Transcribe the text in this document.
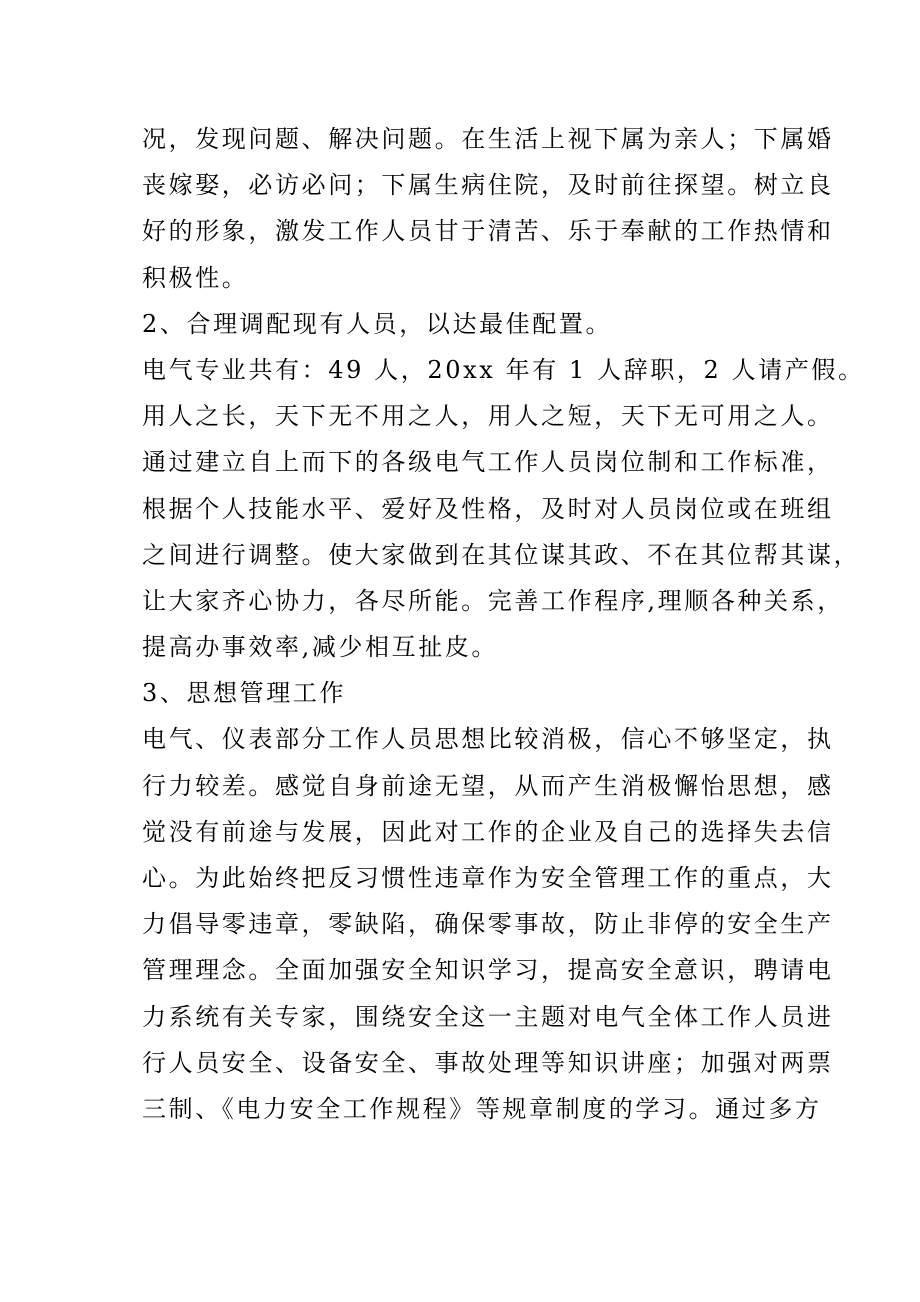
况，发现问题、解决问题。在生活上视下属为亲人；下属婚

丧嫁娶，必访必问；下属生病住院，及时前往探望。树立良

好的形象，激发工作人员甘于清苦、乐于奉献的工作热情和

积极性。

2、合理调配现有人员，以达最佳配置。

电气专业共有：49 人，20xx 年有 1 人辞职，2 人请产假。

用人之长，天下无不用之人，用人之短，天下无可用之人。

通过建立自上而下的各级电气工作人员岗位制和工作标准，

根据个人技能水平、爱好及性格，及时对人员岗位或在班组

之间进行调整。使大家做到在其位谋其政、不在其位帮其谋，

让大家齐心协力，各尽所能。完善工作程序,理顺各种关系，

提高办事效率,减少相互扯皮。

3、思想管理工作

电气、仪表部分工作人员思想比较消极，信心不够坚定，执

行力较差。感觉自身前途无望，从而产生消极懈怡思想，感

觉没有前途与发展，因此对工作的企业及自己的选择失去信

心。为此始终把反习惯性违章作为安全管理工作的重点，大

力倡导零违章，零缺陷，确保零事故，防止非停的安全生产

管理理念。全面加强安全知识学习，提高安全意识，聘请电

力系统有关专家，围绕安全这一主题对电气全体工作人员进

行人员安全、设备安全、事故处理等知识讲座；加强对两票

三制、《电力安全工作规程》等规章制度的学习。通过多方
